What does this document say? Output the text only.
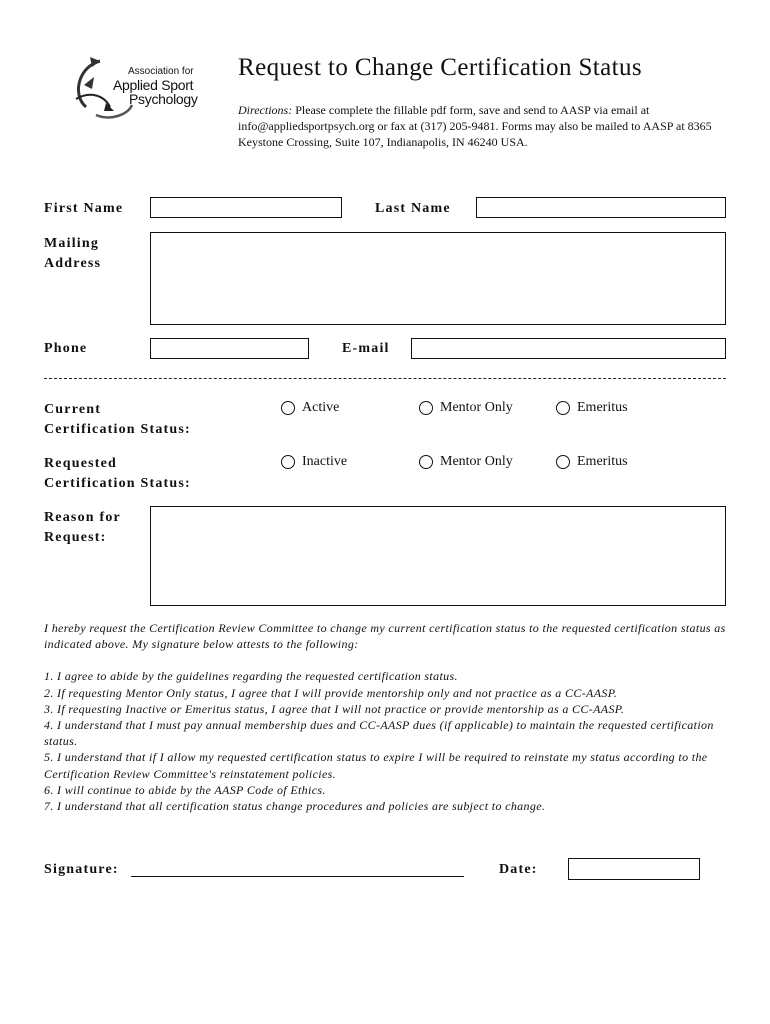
Association for
Applied Sport
Psychology
Request to Change Certification Status
Directions: Please complete the fillable pdf form, save and send to AASP via email at info@appliedsportpsych.org or fax at (317) 205-9481. Forms may also be mailed to AASP at 8365 Keystone Crossing, Suite 107, Indianapolis, IN 46240 USA.
First Name	Last Name
Mailing
Address
Phone	E-mail
Current
Certification Status:
Active	Mentor Only	Emeritus
Requested
Certification Status:
Inactive	Mentor Only	Emeritus
Reason for
Request:

I hereby request the Certification Review Committee to change my current certification status to the requested certification status as indicated above. My signature below attests to the following:

1. I agree to abide by the guidelines regarding the requested certification status.

2. If requesting Mentor Only status, I agree that I will provide mentorship only and not practice as a CC-AASP.

3. If requesting Inactive or Emeritus status, I agree that I will not practice or provide mentorship as a CC-AASP.

4. I understand that I must pay annual membership dues and CC-AASP dues (if applicable) to maintain the requested certification status.

5. I understand that if I allow my requested certification status to expire I will be required to reinstate my status according to the Certification Review Committee's reinstatement policies.

6. I will continue to abide by the AASP Code of Ethics.

7. I understand that all certification status change procedures and policies are subject to change.

Signature:	Date:
